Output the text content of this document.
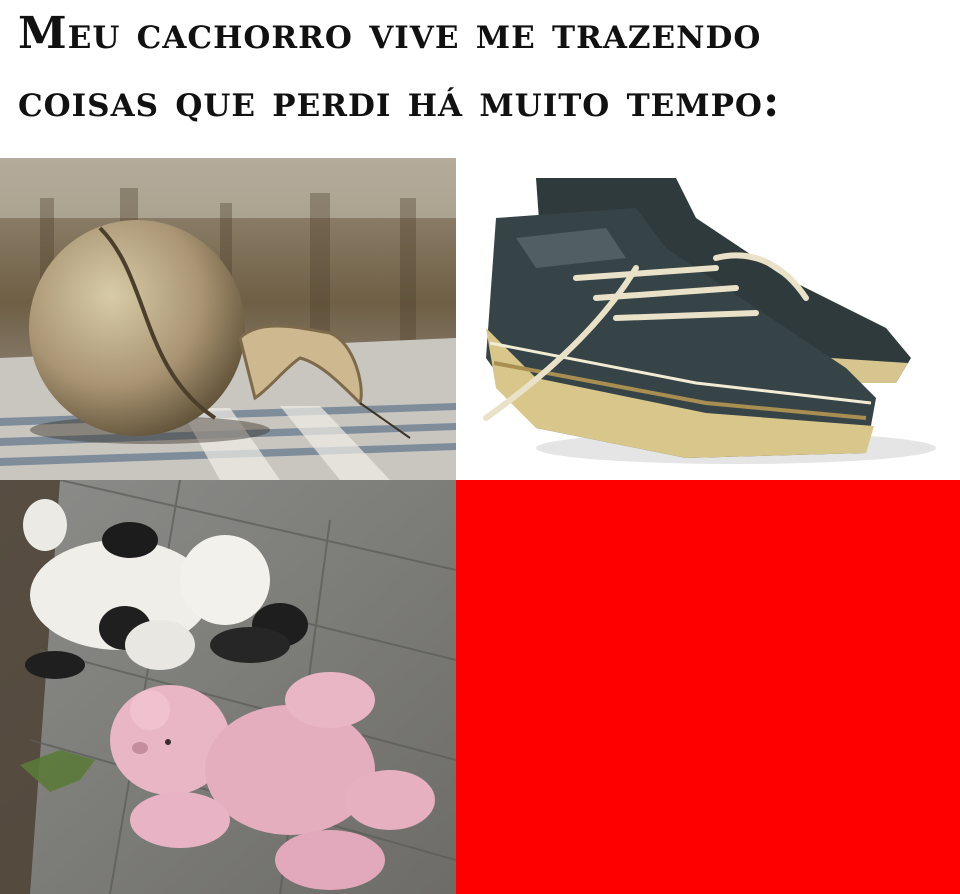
Meu cachorro vive me trazendo
coisas que perdi há muito tempo:
